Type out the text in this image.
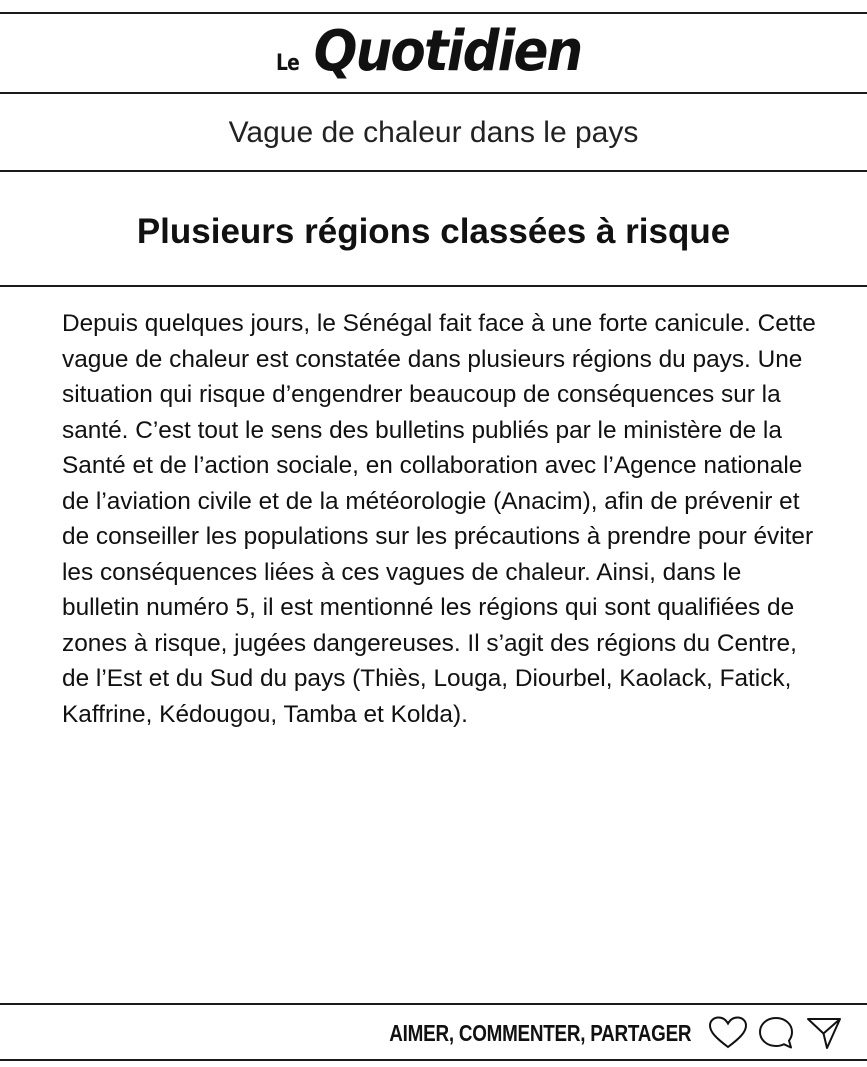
Le Quotidien
Vague de chaleur dans le pays
Plusieurs régions classées à risque

Depuis quelques jours, le Sénégal fait face à une forte canicule. Cette vague de chaleur est constatée dans plusieurs régions du pays. Une situation qui risque d’engendrer beaucoup de conséquences sur la santé. C’est tout le sens des bulletins publiés par le ministère de la Santé et de l’action sociale, en collaboration avec l’Agence nationale de l’aviation civile et de la météorologie (Anacim), afin de prévenir et de conseiller les populations sur les précautions à prendre pour éviter les conséquences liées à ces vagues de chaleur. Ainsi, dans le bulletin numéro 5, il est mentionné les régions qui sont qualifiées de zones à risque, jugées dangereuses. Il s’agit des régions du Centre, de l’Est et du Sud du pays (Thiès, Louga, Diourbel, Kaolack, Fatick, Kaffrine, Kédougou, Tamba et Kolda).

AIMER, COMMENTER, PARTAGER
